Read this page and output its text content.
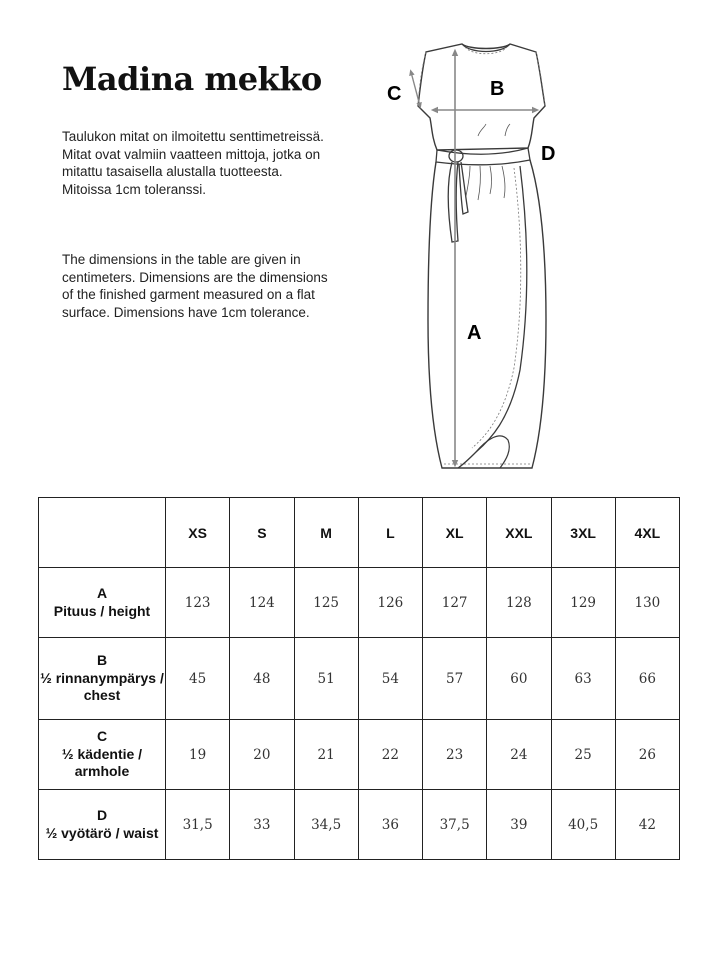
Madina mekko

Taulukon mitat on ilmoitettu senttimetreissä. Mitat ovat valmiin vaatteen mittoja, jotka on mitattu tasaisella alustalla tuotteesta. Mitoissa 1cm toleranssi.

The dimensions in the table are given in centimeters. Dimensions are the dimensions of the finished garment measured on a flat surface. Dimensions have 1cm tolerance.

A
B
C
D
	XS	S	M	L	XL	XXL	3XL	4XL

A
Pituus / height	123	124	125	126	127	128	129	130

B
½ rinnanympärys / chest	45	48	51	54	57	60	63	66

C
½ kädentie / armhole	19	20	21	22	23	24	25	26

D
½ vyötärö / waist	31,5	33	34,5	36	37,5	39	40,5	42
